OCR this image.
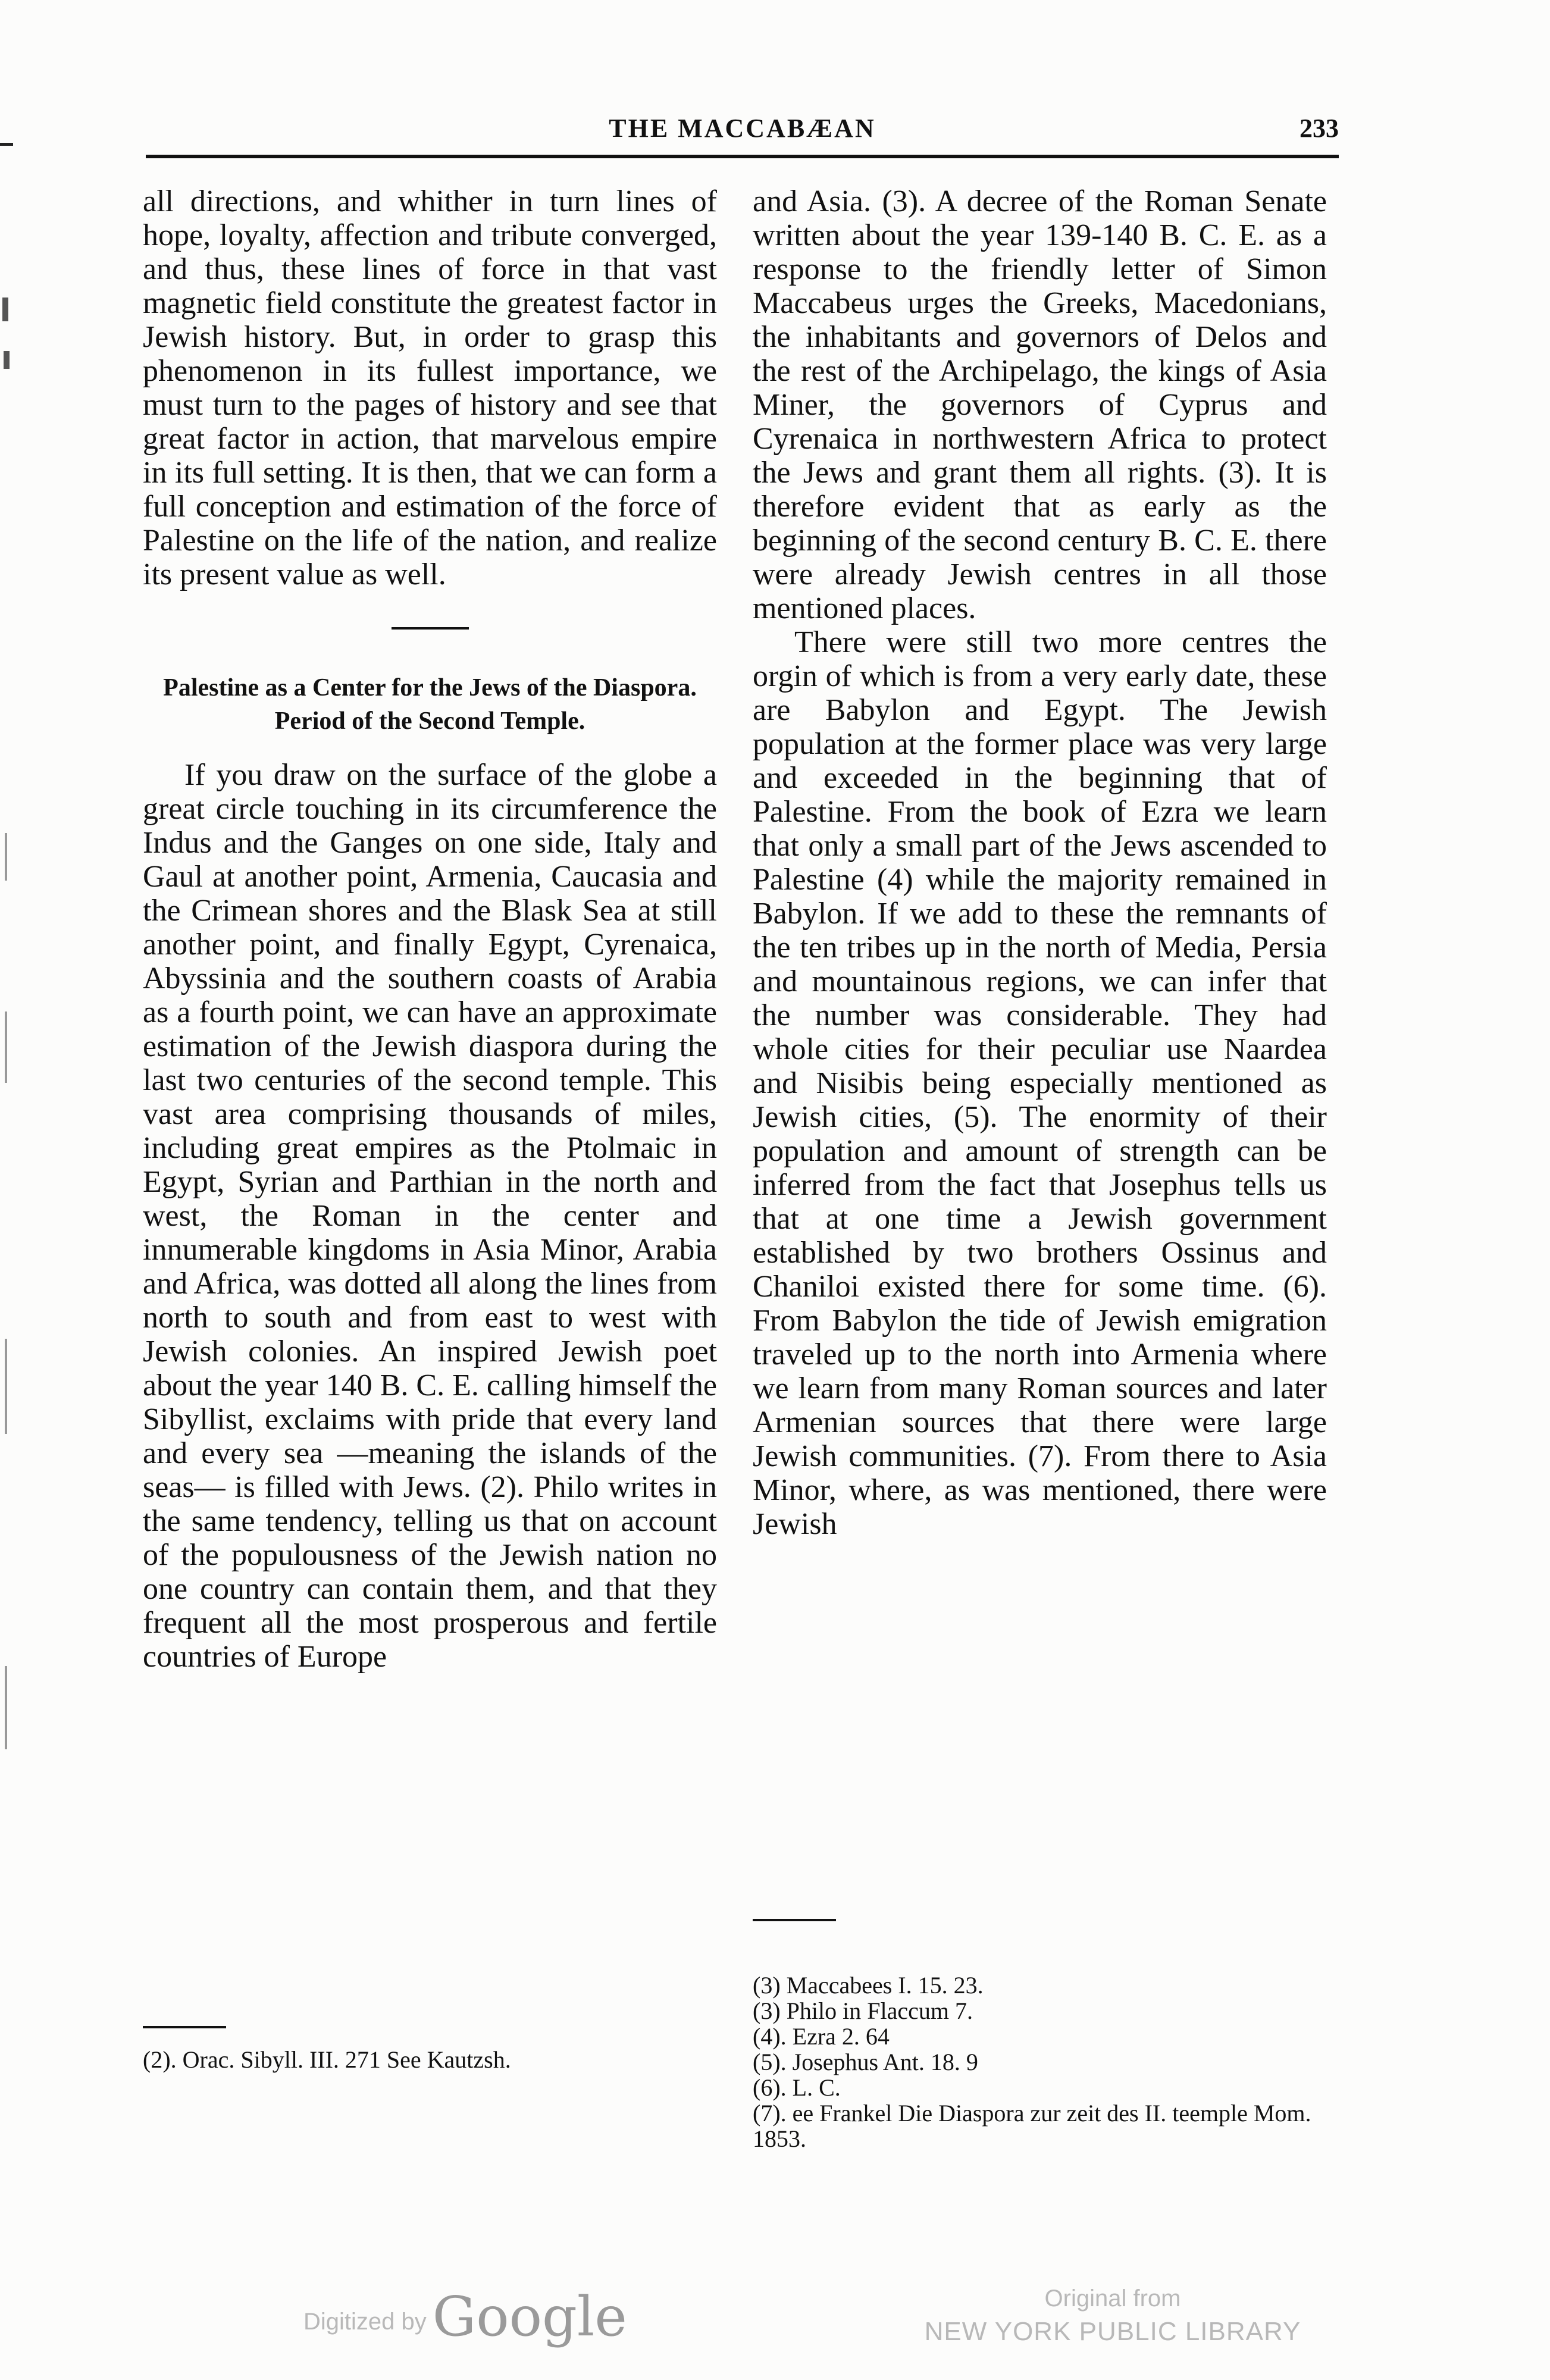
THE MACCABÆAN	233

all directions, and whither in turn lines of hope, loyalty, affection and tribute converged, and thus, these lines of force in that vast magnetic field constitute the greatest factor in Jewish history. But, in order to grasp this phenomenon in its fullest importance, we must turn to the pages of history and see that great factor in action, that marvelous empire in its full setting. It is then, that we can form a full conception and estimation of the force of Palestine on the life of the nation, and realize its present value as well.

Palestine as a Center for the Jews of the Diaspora. Period of the Second Temple.

If you draw on the surface of the globe a great circle touching in its circumference the Indus and the Ganges on one side, Italy and Gaul at another point, Armenia, Caucasia and the Crimean shores and the Blask Sea at still another point, and finally Egypt, Cyrenaica, Abyssinia and the southern coasts of Arabia as a fourth point, we can have an approximate estimation of the Jewish diaspora during the last two centuries of the second temple. This vast area comprising thousands of miles, including great empires as the Ptolmaic in Egypt, Syrian and Parthian in the north and west, the Roman in the center and innumerable kingdoms in Asia Minor, Arabia and Africa, was dotted all along the lines from north to south and from east to west with Jewish colonies. An inspired Jewish poet about the year 140 B. C. E. calling himself the Sibyllist, exclaims with pride that every land and every sea —meaning the islands of the seas— is filled with Jews. (2). Philo writes in the same tendency, telling us that on account of the populousness of the Jewish nation no one country can contain them, and that they frequent all the most prosperous and fertile countries of Europe

(2). Orac. Sibyll. III. 271 See Kautzsh.

and Asia. (3). A decree of the Roman Senate written about the year 139-140 B. C. E. as a response to the friendly letter of Simon Maccabeus urges the Greeks, Macedonians, the inhabitants and governors of Delos and the rest of the Archipelago, the kings of Asia Miner, the governors of Cyprus and Cyrenaica in northwestern Africa to protect the Jews and grant them all rights. (3). It is therefore evident that as early as the beginning of the second century B. C. E. there were already Jewish centres in all those mentioned places.

There were still two more centres the orgin of which is from a very early date, these are Babylon and Egypt. The Jewish population at the former place was very large and exceeded in the beginning that of Palestine. From the book of Ezra we learn that only a small part of the Jews ascended to Palestine (4) while the majority remained in Babylon. If we add to these the remnants of the ten tribes up in the north of Media, Persia and mountainous regions, we can infer that the number was considerable. They had whole cities for their peculiar use Naardea and Nisibis being especially mentioned as Jewish cities, (5). The enormity of their population and amount of strength can be inferred from the fact that Josephus tells us that at one time a Jewish government established by two brothers Ossinus and Chaniloi existed there for some time. (6). From Babylon the tide of Jewish emigration traveled up to the north into Armenia where we learn from many Roman sources and later Armenian sources that there were large Jewish communities. (7). From there to Asia Minor, where, as was mentioned, there were Jewish

(3) Maccabees I. 15. 23.

(3) Philo in Flaccum 7.

(4). Ezra 2. 64

(5). Josephus Ant. 18. 9

(6). L. C.

(7). ee Frankel Die Diaspora zur zeit des II. teemple Mom. 1853.

Digitized by Google	Original from
NEW YORK PUBLIC LIBRARY
